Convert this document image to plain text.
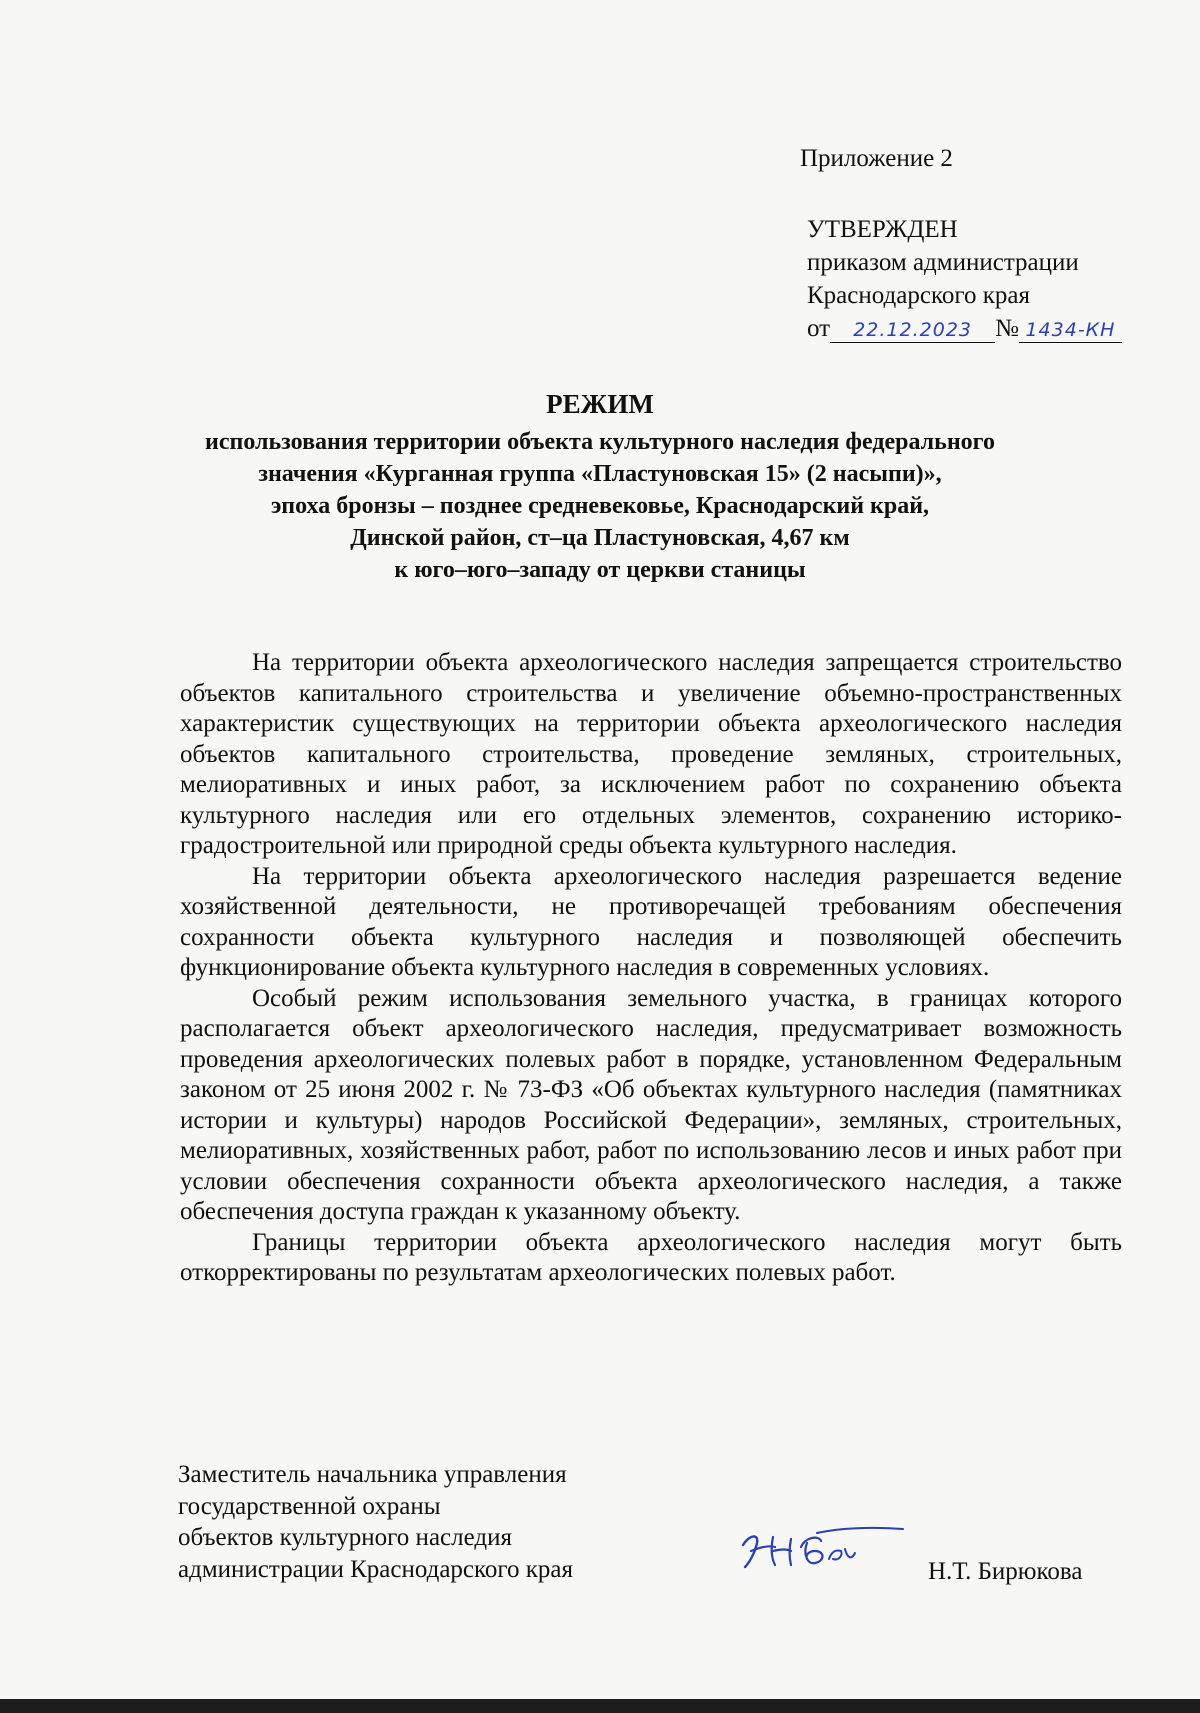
Приложение 2
УТВЕРЖДЕН
приказом администрации
Краснодарского края
от 22.12.2023 № 1434-КН
РЕЖИМ
использования территории объекта культурного наследия федерального
значения «Курганная группа «Пластуновская 15» (2 насыпи)»,
эпоха бронзы – позднее средневековье, Краснодарский край,
Динской район, ст–ца Пластуновская, 4,67 км
к юго–юго–западу от церкви станицы

На территории объекта археологического наследия запрещается строительство объектов капитального строительства и увеличение объемно-пространственных характеристик существующих на территории объекта археологического наследия объектов капитального строительства, проведение земляных, строительных, мелиоративных и иных работ, за исключением работ по сохранению объекта культурного наследия или его отдельных элементов, сохранению историко-градостроительной или природной среды объекта культурного наследия.

На территории объекта археологического наследия разрешается ведение хозяйственной деятельности, не противоречащей требованиям обеспечения сохранности объекта культурного наследия и позволяющей обеспечить функционирование объекта культурного наследия в современных условиях.

Особый режим использования земельного участка, в границах которого располагается объект археологического наследия, предусматривает возможность проведения археологических полевых работ в порядке, установленном Федеральным законом от 25 июня 2002 г. № 73-ФЗ «Об объектах культурного наследия (памятниках истории и культуры) народов Российской Федерации», земляных, строительных, мелиоративных, хозяйственных работ, работ по использованию лесов и иных работ при условии обеспечения сохранности объекта археологического наследия, а также обеспечения доступа граждан к указанному объекту.

Границы территории объекта археологического наследия могут быть откорректированы по результатам археологических полевых работ.

Заместитель начальника управления
государственной охраны
объектов культурного наследия
администрации Краснодарского края	Н.Т. Бирюкова
